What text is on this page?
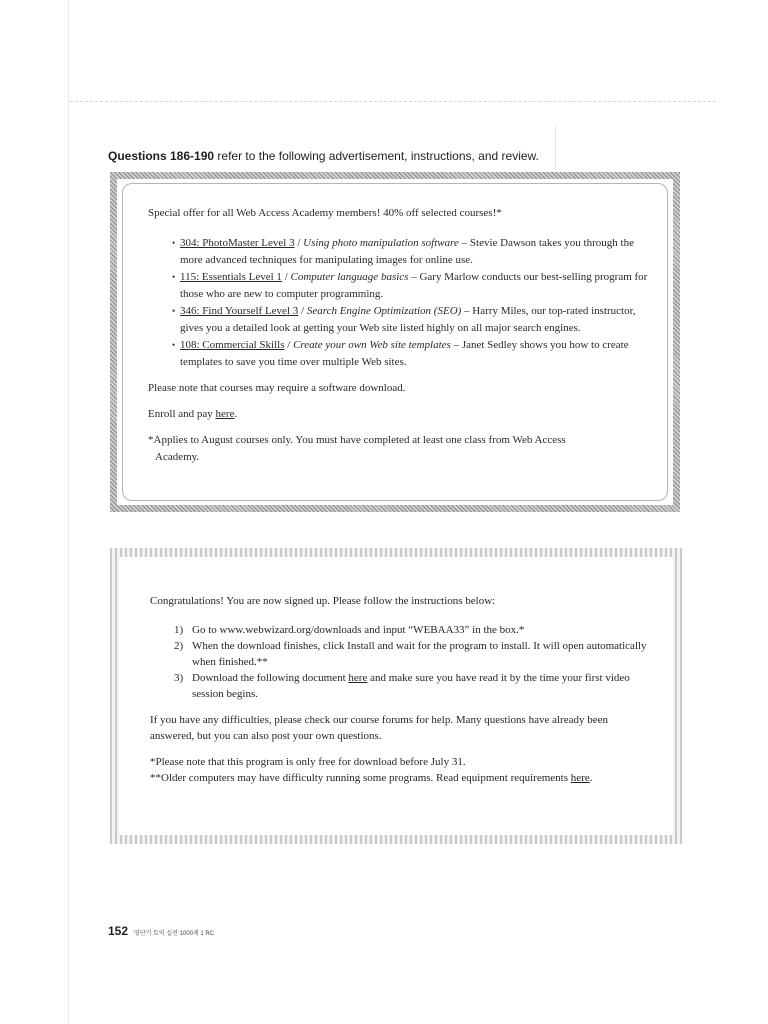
Questions 186-190 refer to the following advertisement, instructions, and review.

Special offer for all Web Access Academy members! 40% off selected courses!*

• 304: PhotoMaster Level 3 / Using photo manipulation software – Stevie Dawson takes you through the more advanced techniques for manipulating images for online use.
• 115: Essentials Level 1 / Computer language basics – Gary Marlow conducts our best-selling program for those who are new to computer programming.
• 346: Find Yourself Level 3 / Search Engine Optimization (SEO) – Harry Miles, our top-rated instructor, gives you a detailed look at getting your Web site listed highly on all major search engines.
• 108: Commercial Skills / Create your own Web site templates – Janet Sedley shows you how to create templates to save you time over multiple Web sites.

Please note that courses may require a software download.

Enroll and pay here.

*Applies to August courses only. You must have completed at least one class from Web Access
Academy.

Congratulations! You are now signed up. Please follow the instructions below:

1) Go to www.webwizard.org/downloads and input “WEBAA33” in the box.*
2) When the download finishes, click Install and wait for the program to install. It will open automatically when finished.**
3) Download the following document here and make sure you have read it by the time your first video session begins.

If you have any difficulties, please check our course forums for help. Many questions have already been answered, but you can also post your own questions.

*Please note that this program is only free for download before July 31.
**Older computers may have difficulty running some programs. Read equipment requirements here.

152 영단기 토익 실전 1000제 1 RC
